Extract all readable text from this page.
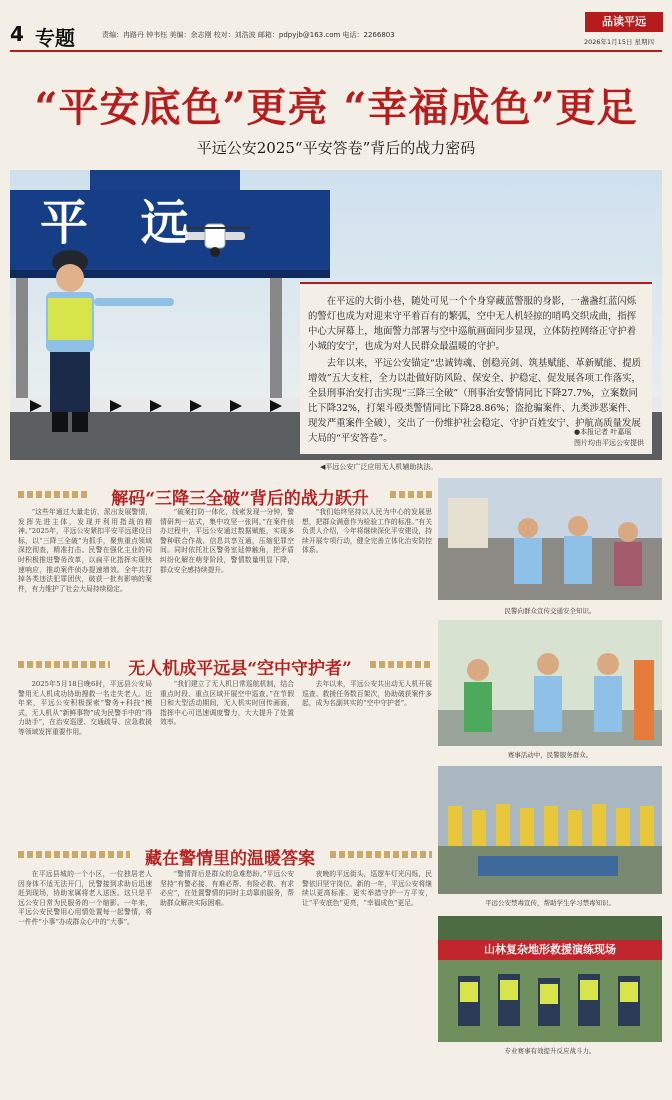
4 专题	责编：冉路丹 钟韦钰 美编：余志刚 校对：刘浩波 邮箱：pdpyjb@163.com 电话：2266803
品读平远
2026年1月15日 星期四
“平安底色”更亮 “幸福成色”更足
平远公安2025“平安答卷”背后的战力密码
平 远

在平远的大街小巷，随处可见一个个身穿藏蓝警服的身影，一盏盏红蓝闪烁的警灯也成为对迎来守平着百有的繁弧，空中无人机轻掠的哨鸣交织成曲，指挥中心大屏幕上，地面警力部署与空中巡航画面同步显现，立体防控网络正守护着小城的安宁，也成为对人民群众最温暖的守护。

去年以来，平远公安锚定“忠诚铸魂、创稳亮剑、筑基赋能、革新赋能、提质增效”五大支柱，全力以赴做好防风险、保安全、护稳定、促发展各项工作落实，全县刑事治安打击实现“三降三全破”（刑事治安警情同比下降27.7%，立案数同比下降32%，打架斗殴类警情同比下降28.86%；盗抢骗案件、九类涉恶案件、现发严重案件全破），交出了一份维护社会稳定、守护百姓安宁、护航高质量发展大局的“平安答卷”。

●本报记者 叶嘉瑶
图片均由平远公安提供
◀平远公安广泛应用无人机辅助执法。
解码“三降三全破”背后的战力跃升

“这些年通过大量走访，派出发展警情，发挥先进主体，发现并利用指战的精神。”2025年，平远公安紧扣平安平远建设目标，以“三降三全破”为抓手，聚焦重点领域深挖彻查，精准打击。民警在强化主业的同时积极推进警务改革，以扁平化指挥实现快速响应，推动案件侦办提速增效。全年共打掉各类违法犯罪团伙，破获一批有影响的案件，有力维护了社会大局持续稳定。

“破案打防一体化，线索发现一分钟，警情研判一站式，集中攻坚一张网。”在案件侦办过程中，平远公安通过数据赋能，实现多警种联合作战、信息共享互通，压缩犯罪空间。同时依托社区警务室延伸触角，把矛盾纠纷化解在萌芽阶段，警情数量明显下降，群众安全感持续提升。

“我们始终坚持以人民为中心的发展思想，把群众满意作为检验工作的标准。”有关负责人介绍，今年将继续深化平安建设，持续开展专项行动，健全完善立体化治安防控体系。

无人机成平远县“空中守护者”

2025年5月18日晚6时，平远县公安局警用无人机成功协助搜救一名走失老人。近年来，平远公安积极探索“警务+科技”模式，无人机从“新鲜事物”成为民警手中的“得力助手”，在治安巡逻、交通疏导、应急救援等领域发挥重要作用。

“我们建立了无人机日常巡航机制，结合重点时段、重点区域开展空中巡查。”在节假日和大型活动期间，无人机实时回传画面，指挥中心可迅速调度警力，大大提升了处置效率。

去年以来，平远公安共出动无人机开展巡查、救援任务数百架次，协助破获案件多起，成为名副其实的“空中守护者”。

藏在警情里的温暖答案

在平远县城的一个小区，一位独居老人因身体不适无法开门，民警接到求助后迅速赶到现场，协助家属将老人送医。这只是平远公安日常为民服务的一个缩影。一年来，平远公安民警用心用情处置每一起警情，将一件件“小事”办成群众心中的“大事”。

“警情背后是群众的急难愁盼。”平远公安坚持“有警必接、有难必帮、有险必救、有求必应”，在处置警情的同时主动靠前服务，帮助群众解决实际困难。

夜晚的平远街头，巡逻车灯光闪烁，民警依旧坚守岗位。新的一年，平远公安将继续以更高标准、更实举措守护一方平安，让“平安底色”更亮，“幸福成色”更足。

民警向群众宣传交通安全知识。
赛事活动中，民警服务群众。
平远公安禁毒宣传，帮助学生学习禁毒知识。
山林复杂地形救援演练现场
专业赛事有效提升反应战斗力。
